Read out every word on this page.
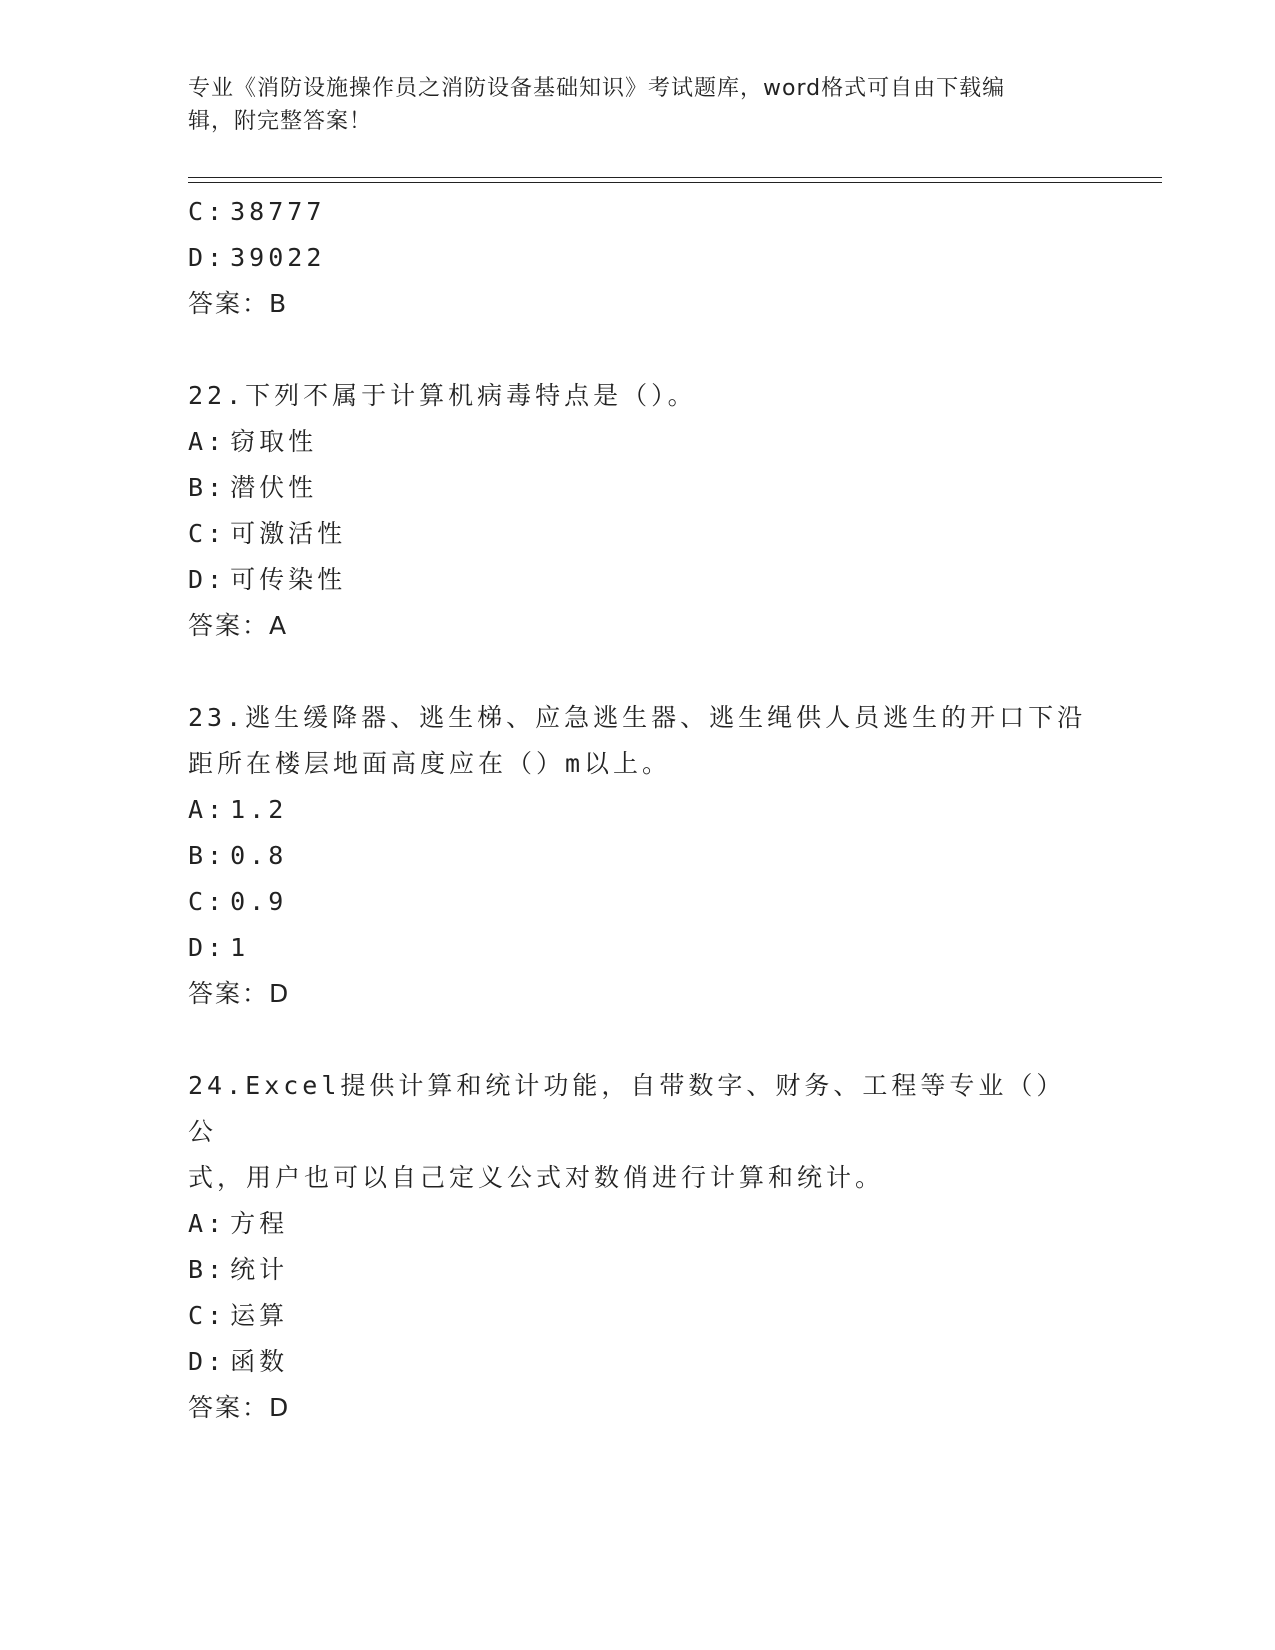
专业《消防设施操作员之消防设备基础知识》考试题库，word格式可自由下载编
辑，附完整答案！
C: 38777
D: 39022
答案：B
22.下列不属于计算机病毒特点是（）。
A: 窃取性
B: 潜伏性
C: 可激活性
D: 可传染性
答案：A
23.逃生缓降器、逃生梯、应急逃生器、逃生绳供人员逃生的开口下沿
距所在楼层地面高度应在（）m以上。
A: 1.2
B: 0.8
C: 0.9
D: 1
答案：D
24.Excel提供计算和统计功能，自带数字、财务、工程等专业（）公
式，用户也可以自己定义公式对数俏进行计算和统计。
A: 方程
B: 统计
C: 运算
D: 函数
答案：D
